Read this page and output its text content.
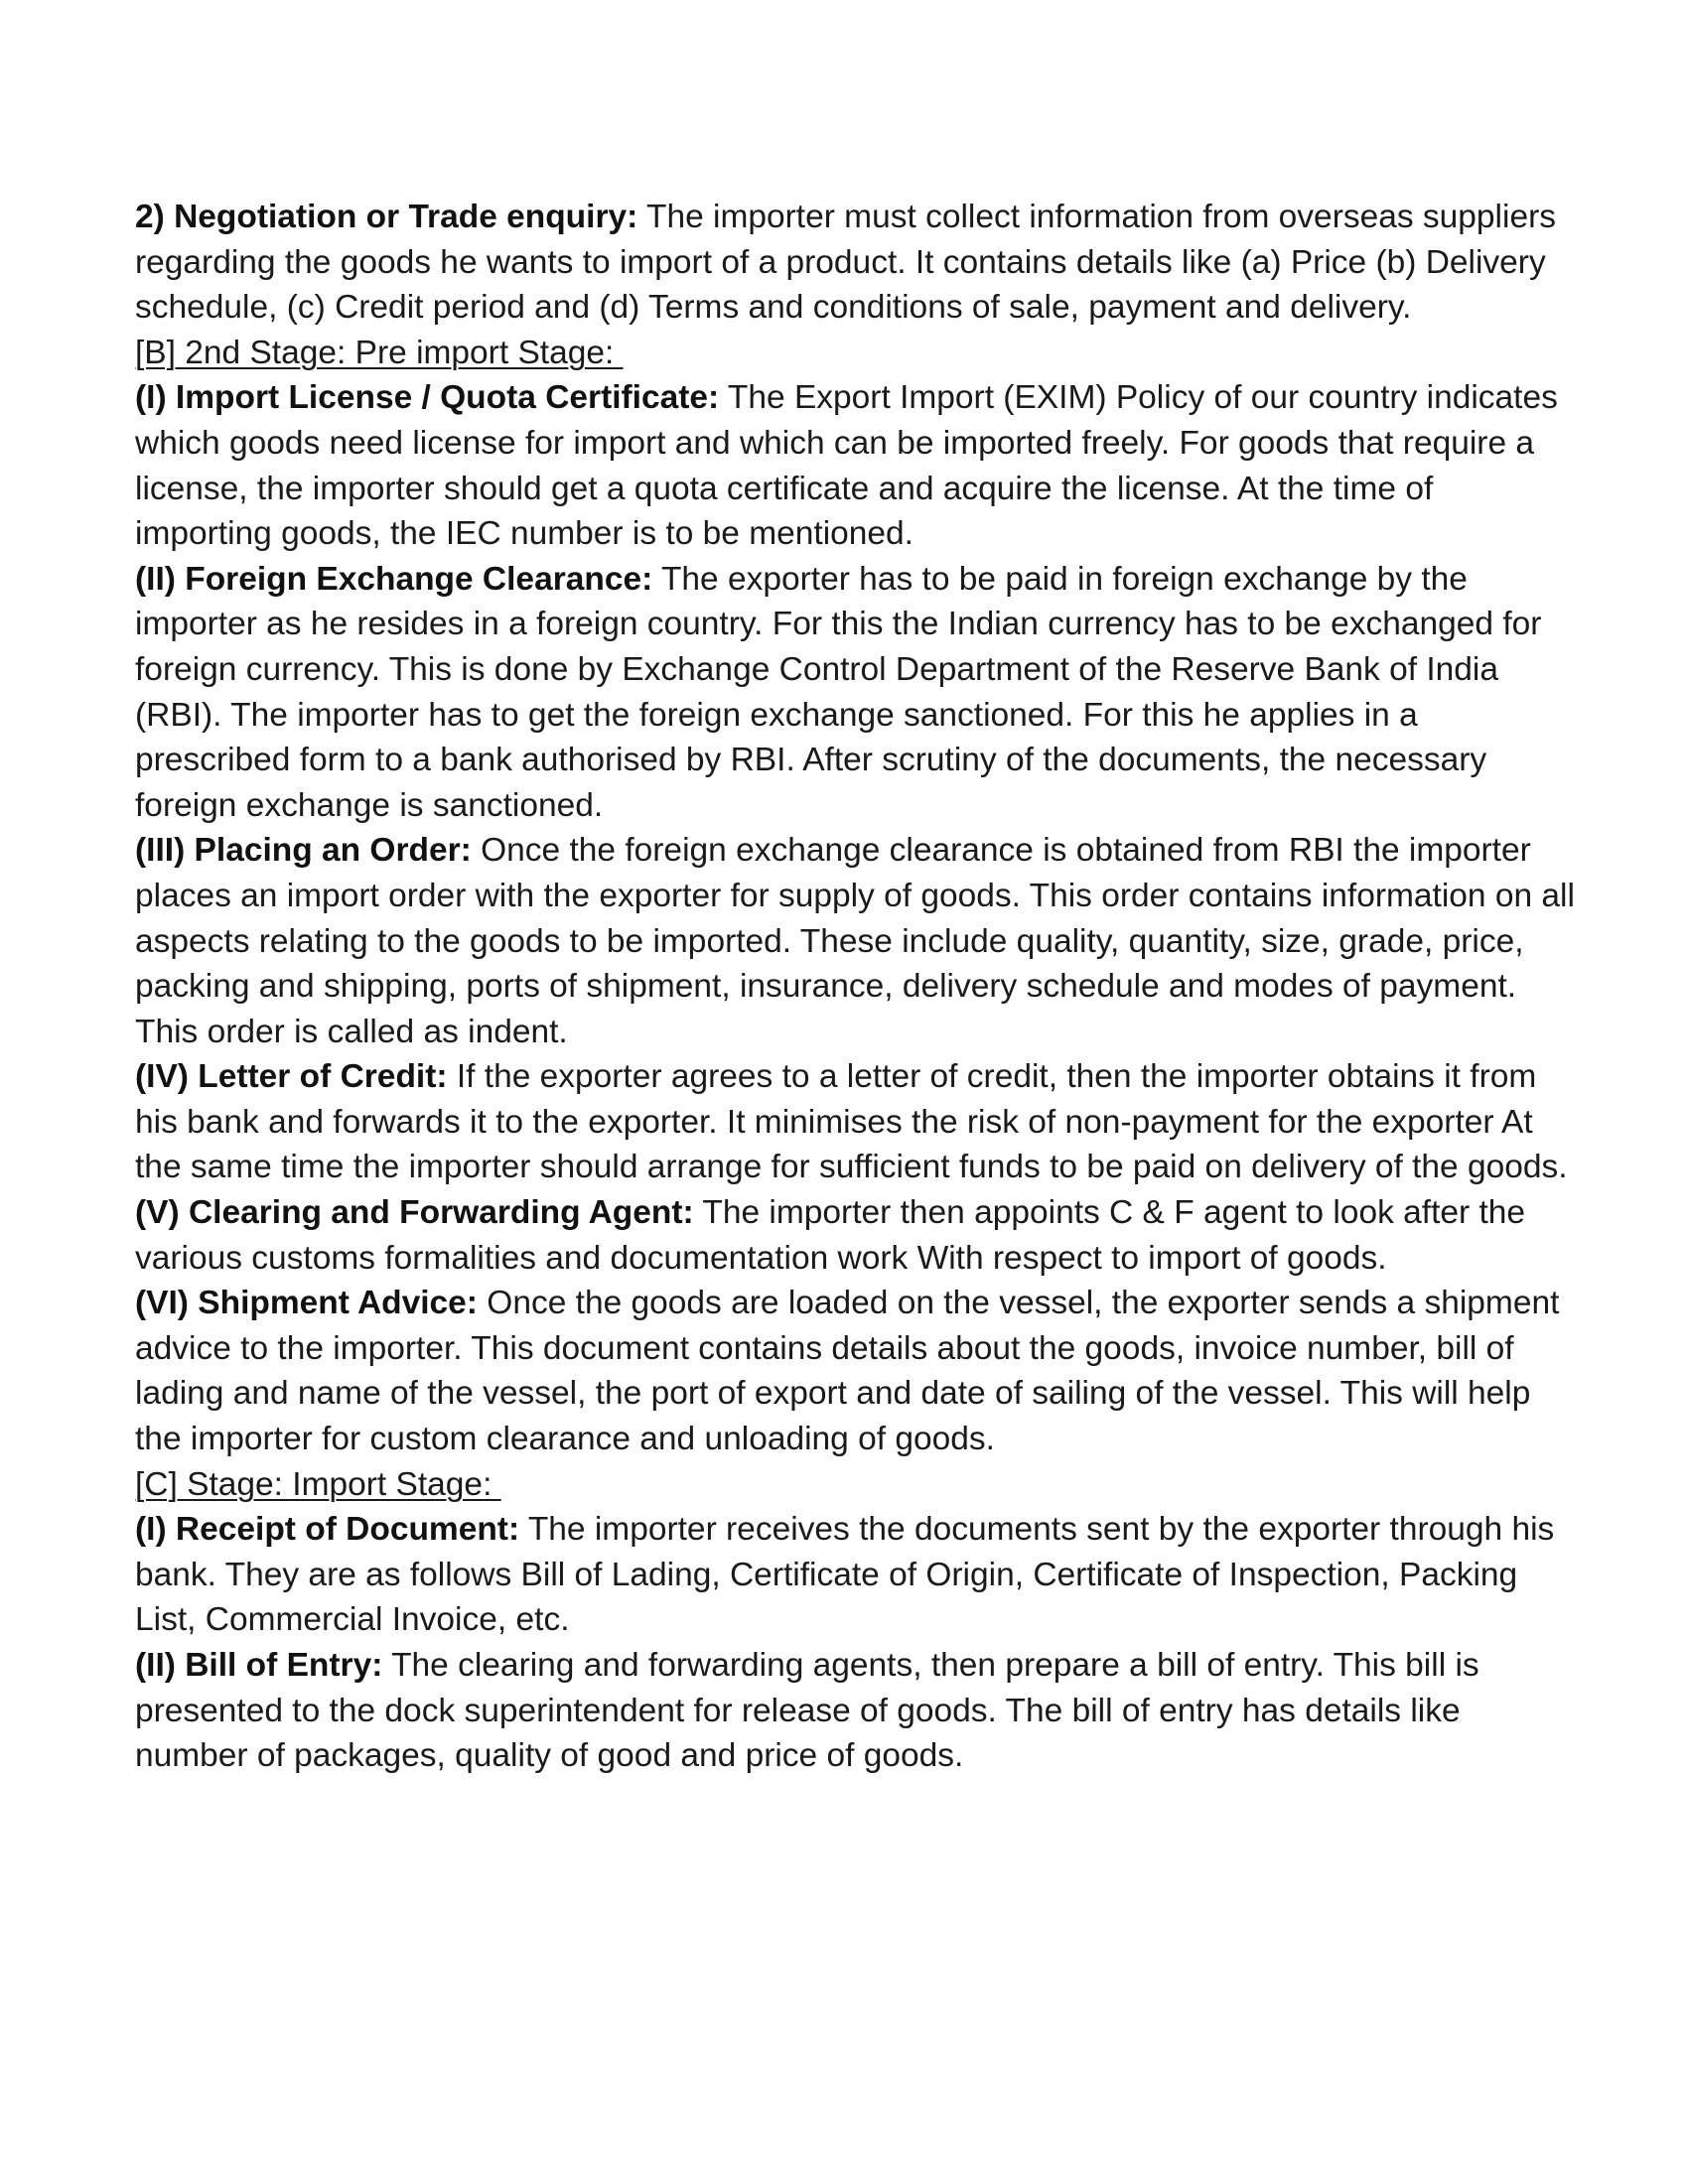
2) Negotiation or Trade enquiry: The importer must collect information from overseas suppliers regarding the goods he wants to import of a product. It contains details like (a) Price (b) Delivery schedule, (c) Credit period and (d) Terms and conditions of sale, payment and delivery.

[B] 2nd Stage: Pre import Stage:

(I) Import License / Quota Certificate: The Export Import (EXIM) Policy of our country indicates which goods need license for import and which can be imported freely. For goods that require a license, the importer should get a quota certificate and acquire the license. At the time of importing goods, the IEC number is to be mentioned.

(II) Foreign Exchange Clearance: The exporter has to be paid in foreign exchange by the importer as he resides in a foreign country. For this the Indian currency has to be exchanged for foreign currency. This is done by Exchange Control Department of the Reserve Bank of India (RBI). The importer has to get the foreign exchange sanctioned. For this he applies in a prescribed form to a bank authorised by RBI. After scrutiny of the documents, the necessary foreign exchange is sanctioned.

(III) Placing an Order: Once the foreign exchange clearance is obtained from RBI the importer places an import order with the exporter for supply of goods. This order contains information on all aspects relating to the goods to be imported. These include quality, quantity, size, grade, price, packing and shipping, ports of shipment, insurance, delivery schedule and modes of payment. This order is called as indent.

(IV) Letter of Credit: If the exporter agrees to a letter of credit, then the importer obtains it from his bank and forwards it to the exporter. It minimises the risk of non-payment for the exporter At the same time the importer should arrange for sufficient funds to be paid on delivery of the goods.

(V) Clearing and Forwarding Agent: The importer then appoints C & F agent to look after the various customs formalities and documentation work With respect to import of goods.

(VI) Shipment Advice: Once the goods are loaded on the vessel, the exporter sends a shipment advice to the importer. This document contains details about the goods, invoice number, bill of lading and name of the vessel, the port of export and date of sailing of the vessel. This will help the importer for custom clearance and unloading of goods.

[C] Stage: Import Stage:

(I) Receipt of Document: The importer receives the documents sent by the exporter through his bank. They are as follows Bill of Lading, Certificate of Origin, Certificate of Inspection, Packing List, Commercial Invoice, etc.

(II) Bill of Entry: The clearing and forwarding agents, then prepare a bill of entry. This bill is presented to the dock superintendent for release of goods. The bill of entry has details like number of packages, quality of good and price of goods.
